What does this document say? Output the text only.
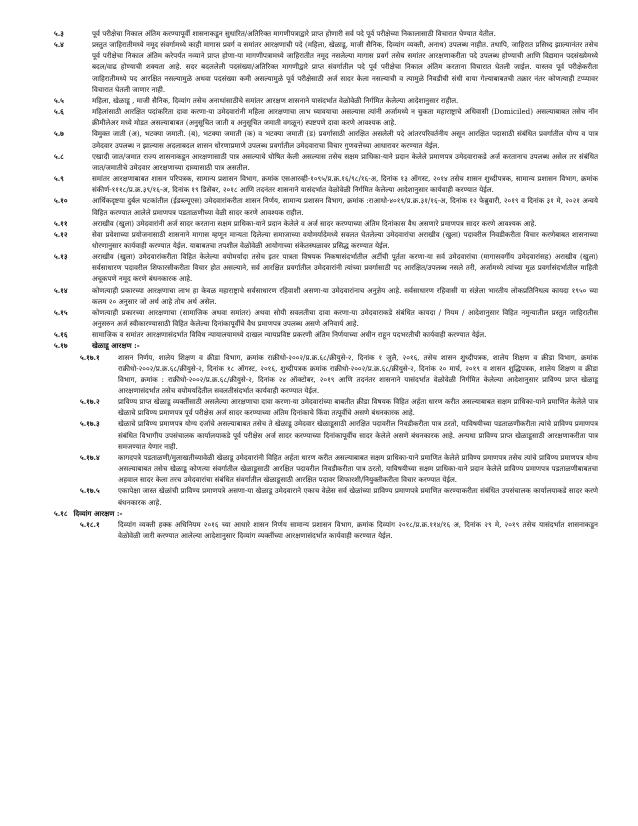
५.३	पूर्व परीक्षेचा निकाल अंतिम करण्यापूर्वी शासनाकडून सुधारित/अतिरिक्त मागणीपत्राद्वारे प्राप्त होणारी सर्व पदे पूर्व परीक्षेच्या निकालासाठी विचारात घेण्यात येतील.
५.४	प्रस्तुत जाहिरातीमध्ये नमूद संवर्गामध्ये काही मागास प्रवर्ग व समांतर आरक्षणाची पदे (महिला, खेळाडू, माजी सैनिक, दिव्यांग व्यक्ती, अनाथ) उपलब्ध नाहीत. तथापि, जाहिरात प्रसिध्द झाल्यानंतर तसेच पूर्व परीक्षेचा निकाल अंतिम करेपर्यंत नव्याने प्राप्त होणा-या मागणीपत्रामध्ये जाहिरातीत नमूद नसलेल्या मागास प्रवर्ग तसेच समांतर आरक्षणाकरीता पदे उपलब्ध होण्याची आणि विद्यमान पदसंख्येमध्ये बदल/वाढ होण्याची शक्यता आहे. सदर बदललेली पदसंख्या/अतिरिक्त मागणीद्वारे प्राप्त संवर्गातील पदे पूर्व परीक्षेचा निकाल अंतिम करताना विचारात घेतली जाईल. यास्तव पूर्व परीक्षेकरीता जाहिरातीमध्ये पद आरक्षित नसल्यामुळे अथवा पदसंख्या कमी असल्यामुळे पूर्व परीक्षेसाठी अर्ज सादर केला नसल्याची व त्यामुळे निवडीची संधी वाया गेल्याबाबतची तक्रार नंतर कोणत्याही टप्प्यावर विचारात घेतली जाणार नाही.
५.५	महिला, खेळाडू , माजी सैनिक, दिव्यांग तसेच अनाथांसाठीचे समांतर आरक्षण शासनाने यासंदर्भात वेळोवेळी निर्गमित केलेल्या आदेशानुसार राहील.
५.६	महिलांसाठी आरक्षित पदांकरिता दावा करणा-या उमेदवारांनी महिला आरक्षणाचा लाभ घ्यावयाचा असल्यास त्यांनी अर्जामध्ये न चुकता महाराष्ट्राचे अधिवासी (Domiciled) असल्याबाबत तसेच नॉन क्रीमीलेअर मध्ये मोडत असल्याबाबत (अनुसूचित जाती व अनुसूचित जमाती वगळून) स्पष्टपणे दावा करणे आवश्यक आहे.
५.७	विमुक्त जाती (अ), भटक्या जमाती. (ब), भटक्या जमाती (क) व भटक्या जमाती (ड) प्रवर्गासाठी आरक्षित असलेली पदे आंतरपरिवर्तनीय असून आरक्षित पदासाठी संबंधित प्रवर्गातील योग्य व पात्र उमेदवार उपलब्ध न झाल्यास अदलाबदल शासन धोरणाप्रमाणे उपलब्ध प्रवर्गातील उमेदवाराचा विचार गुणवत्तेच्या आधारावर करण्यात येईल.
५.८	एखादी जात/जमात राज्य शासनाकडून आरक्षणासाठी पात्र असल्याचे घोषित केली असल्यास तसेच सक्षम प्राधिका-याने प्रदान केलेले प्रमाणपत्र उमेदवाराकडे अर्ज करतानाच उपलब्ध असेल तर संबंधित जात/जमातीचे उमेदवार आरक्षणाच्या दाव्यासाठी पात्र असतील.
५.९	समांतर आरक्षणाबाबत शासन परिपत्रक, सामान्य प्रशासन विभाग, क्रमांक एसआरव्ही-१०९५/प्र.क्र.१६/९८/१६-अ, दिनांक १३ ऑगस्ट, २०१४ तसेच शासन शुध्दीपत्रक, सामान्य प्रशासन विभाग, क्रमांक संकीर्ण-१११८/प्र.क्र.३९/१६-अ, दिनांक १९ डिसेंबर, २०१८ आणि तदनंतर शासनाने यासंदर्भात वेळोवेळी निर्गमित केलेल्या आदेशानुसार कार्यवाही करण्यात येईल.
५.१०	आर्थिकदृष्टया दुर्बल घटकांतील (ईडब्ल्यूएस) उमेदवारांकरीता शासन निर्णय, सामान्य प्रशासन विभाग, क्रमांक :राआधो-४०१९/प्र.क्र.३१/१६-अ, दिनांक १२ फेब्रुवारी, २०१९ व दिनांक ३१ मे, २०२१ अन्वये विहित करण्यात आलेले प्रमाणपत्र पडताळणीच्या वेळी सादर करणे आवश्यक राहील.
५.११	अराखीव (खुला) उमेदवारांनी अर्ज सादर करताना सक्षम प्राधिका-याने प्रदान केलेले व अर्ज सादर करण्याच्या अंतिम दिनांकास वैध असणारे प्रमाणपत्र सादर करणे आवश्यक आहे.
५.१२	सेवा प्रवेशाच्या प्रयोजनासाठी शासनाने मागास म्हणून मान्यता दिलेल्या समाजाच्या वयोमर्यादेमध्ये सवलत घेतलेल्या उमेदवारांचा अराखीव (खुला) पदावरील निवडीकरीता विचार करणेबाबत शासनाच्या धोरणानुसार कार्यवाही करण्यात येईल. याबाबतचा तपशील वेळोवेळी आयोगाच्या संकेतस्थळावर प्रसिद्ध करण्यात येईल.
५.१३	अराखीव (खुला) उमेदवारांकरीता विहित केलेल्या वयोमर्यादा तसेच इतर पात्रता विषयक निकषासंदर्भातील अटींची पूर्तता करणा-या सर्व उमेदवारांचा (मागासवर्गीय उमेदवारांसह) अराखीव (खुला) सर्वसाधारण पदावरील शिफारसीकरीता विचार होत असल्याने, सर्व आरक्षित प्रवर्गातील उमेदवारांनी त्यांच्या प्रवर्गासाठी पद आरक्षित/उपलब्ध नसले तरी, अर्जामध्ये त्यांच्या मूळ प्रवर्गासंदर्भातील माहिती अचूकपणे नमूद करणे बंधनकारक आहे.
५.१४	कोणत्याही प्रकारच्या आरक्षणाचा लाभ हा केवळ महाराष्ट्राचे सर्वसाधारण रहिवाशी असणा-या उमेदवारांनाच अनुज्ञेय आहे. सर्वसाधारण रहिवासी या संज्ञेला भारतीय लोकप्रतिनिधत्व कायदा १९५० च्या कलम २० अनुसार जो अर्थ आहे तोच अर्थ असेल.
५.१५	कोणत्याही प्रकारच्या आरक्षणाचा (सामाजिक अथवा समांतर) अथवा सोयी सवलतीचा दावा करणा-या उमेदवाराकडे संबंधित कायदा / नियम / आदेशानुसार विहित नमुन्यातील प्रस्तुत जाहिरातीस अनुसरुन अर्ज स्वीकारण्यासाठी विहित केलेल्या दिनांकापूर्वीचे वैध प्रमाणपत्र उपलब्ध असणे अनिवार्य आहे.
५.१६	सामाजिक व समांतर आरक्षणासंदर्भात विविध न्यायालयामध्ये दाखल न्यायप्रविष्ट प्रकरणी अंतिम निर्णयाच्या अधीन राहून पदभरतीची कार्यवाही करण्यात येईल.
५.१७	खेळाडू आरक्षण :-
५.१७.१	शासन निर्णय, शालेय शिक्षण व क्रीडा विभाग, क्रमांक राक्रीधो-२००२/प्र.क्र.६८/क्रीयुसे-२, दिनांक १ जुलै, २०१६, तसेच शासन शुध्दीपत्रक, शालेय शिक्षण व क्रीडा विभाग, क्रमांक राक्रीधो-२००२/प्र.क्र.६८/क्रीयुसे-२, दिनांक १८ ऑगस्ट, २०१६, शुध्दीपत्रक क्रमांक राक्रीधो-२००२/प्र.क्र.६८/क्रीयुसे-२, दिनांक २० मार्च, २०१९ व शासन शुद्धिपत्रक, शालेय शिक्षण व क्रीडा विभाग, क्रमांक : राक्रीधो-२००२/प्र.क्र.६८/क्रीयुसे-२, दिनांक २४ ऑक्टोबर, २०१९ आणि तदनंतर शासनाने यासंदर्भात वेळोवेळी निर्गमित केलेल्या आदेशानुसार प्राविण्य प्राप्त खेळाडू आरक्षणासंदर्भात तसेच वयोमर्यादेतील सवलतीसंदर्भात कार्यवाही करण्यात येईल.
५.१७.२	प्राविण्य प्राप्त खेळाडू व्यक्तींसाठी असलेल्या आरक्षणाचा दावा करणा-या उमेदवारांच्या बाबतीत क्रीडा विषयक विहित अर्हता धारण करीत असल्याबाबत सक्षम प्राधिका-याने प्रमाणित केलेले पात्र खेळाचे प्राविण्य प्रमाणपत्र पूर्व परीक्षेस अर्ज सादर करण्याच्या अंतिम दिनांकाचे किंवा तत्पूर्वीचे असणे बंधनकारक आहे.
५.१७.३	खेळाचे प्राविण्य प्रमाणपत्र योग्य दर्जाचे असल्याबाबत तसेच ते खेळाडू उमेदवार खेळाडूसाठी आरक्षित पदावरील निवडीकरीता पात्र ठरतो, याविषयीच्या पडताळणीकरीता त्यांचे प्राविण्य प्रमाणपत्र संबंधित विभागीय उपसंचालक कार्यालयाकडे पूर्व परीक्षेस अर्ज सादर करण्याच्या दिनांकापूर्वीच सादर केलेले असणे बंधनकारक आहे. अन्यथा प्राविण्य प्राप्त खेळाडूसाठी आरक्षणाकरीता पात्र समजण्यात येणार नाही.
५.१७.४	कागदपत्रे पडताळणी/मुलाखतीच्यावेळी खेळाडू उमेदवारांनी विहित अर्हता धारण करीत असल्याबाबत सक्षम प्राधिका-याने प्रमाणित केलेले प्राविण्य प्रमाणपत्र तसेच त्यांचे प्राविण्य प्रमाणपत्र योग्य असल्याबाबत तसेच खेळाडू कोणत्या संवर्गातील खेळाडूसाठी आरक्षित पदावरील निवडीकरीता पात्र ठरतो, याविषयीच्या सक्षम प्राधिका-याने प्रदान केलेले प्राविण्य प्रमाणपत्र पडताळणीबाबतचा अहवाल सादर केला तरच उमेदवारांचा संबंधित संवर्गातील खेळाडूसाठी आरक्षित पदावर शिफारशी/नियुक्तीकरीता विचार करण्यात येईल.
५.१७.५	एकापेक्षा जास्त खेळांची प्राविण्य प्रमाणपत्रे असणा-या खेळाडू उमेदवाराने एकाच वेळेस सर्व खेळांच्या प्राविण्य प्रमाणपत्रे प्रमाणित करण्याकरीता संबंधित उपसंचालक कार्यालयाकडे सादर करणे बंधनकारक आहे.
५.१८ दिव्यांग आरक्षण :-
५.१८.१	दिव्यांग व्यक्ती हक्क अधिनियम २०१६ च्या आधारे शासन निर्णय सामान्य प्रशासन विभाग, क्रमांक दिव्यांग २०१८/प्र.क्र.११४/१६ अ, दिनांक २९ मे, २०१९ तसेच यासंदर्भात शासनाकडून वेळोवेळी जारी करण्यात आलेल्या आदेशानुसार दिव्यांग व्यक्तींच्या आरक्षणासंदर्भात कार्यवाही करण्यात येईल.
